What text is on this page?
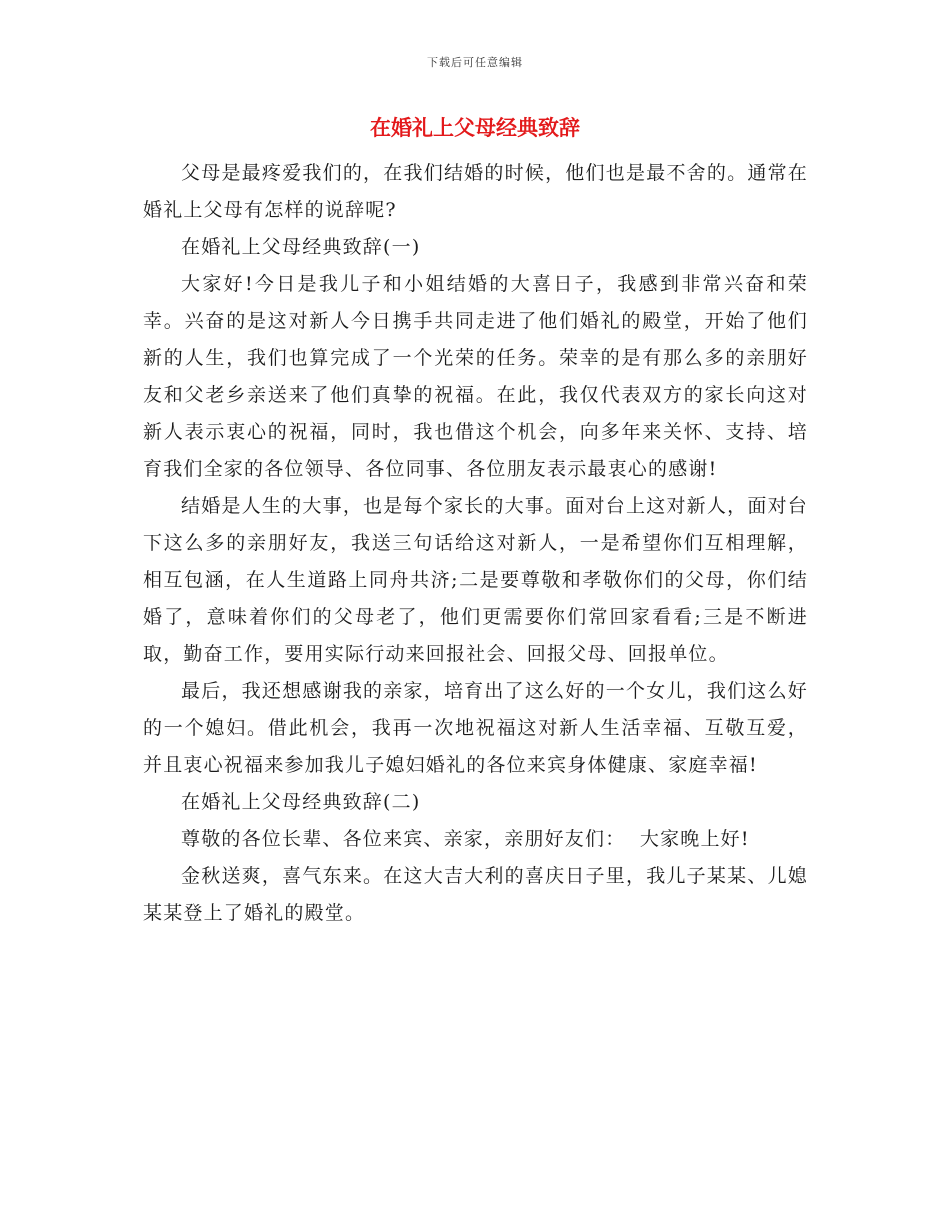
下载后可任意编辑
在婚礼上父母经典致辞

父母是最疼爱我们的，在我们结婚的时候，他们也是最不舍的。通常在婚礼上父母有怎样的说辞呢?

在婚礼上父母经典致辞(一)

大家好!今日是我儿子和小姐结婚的大喜日子，我感到非常兴奋和荣幸。兴奋的是这对新人今日携手共同走进了他们婚礼的殿堂，开始了他们新的人生，我们也算完成了一个光荣的任务。荣幸的是有那么多的亲朋好友和父老乡亲送来了他们真挚的祝福。在此，我仅代表双方的家长向这对新人表示衷心的祝福，同时，我也借这个机会，向多年来关怀、支持、培育我们全家的各位领导、各位同事、各位朋友表示最衷心的感谢!

结婚是人生的大事，也是每个家长的大事。面对台上这对新人，面对台下这么多的亲朋好友，我送三句话给这对新人，一是希望你们互相理解，相互包涵，在人生道路上同舟共济;二是要尊敬和孝敬你们的父母，你们结婚了，意味着你们的父母老了，他们更需要你们常回家看看;三是不断进取，勤奋工作，要用实际行动来回报社会、回报父母、回报单位。

最后，我还想感谢我的亲家，培育出了这么好的一个女儿，我们这么好的一个媳妇。借此机会，我再一次地祝福这对新人生活幸福、互敬互爱，并且衷心祝福来参加我儿子媳妇婚礼的各位来宾身体健康、家庭幸福!

在婚礼上父母经典致辞(二)

尊敬的各位长辈、各位来宾、亲家，亲朋好友们：  大家晚上好!

金秋送爽，喜气东来。在这大吉大利的喜庆日子里，我儿子某某、儿媳某某登上了婚礼的殿堂。
